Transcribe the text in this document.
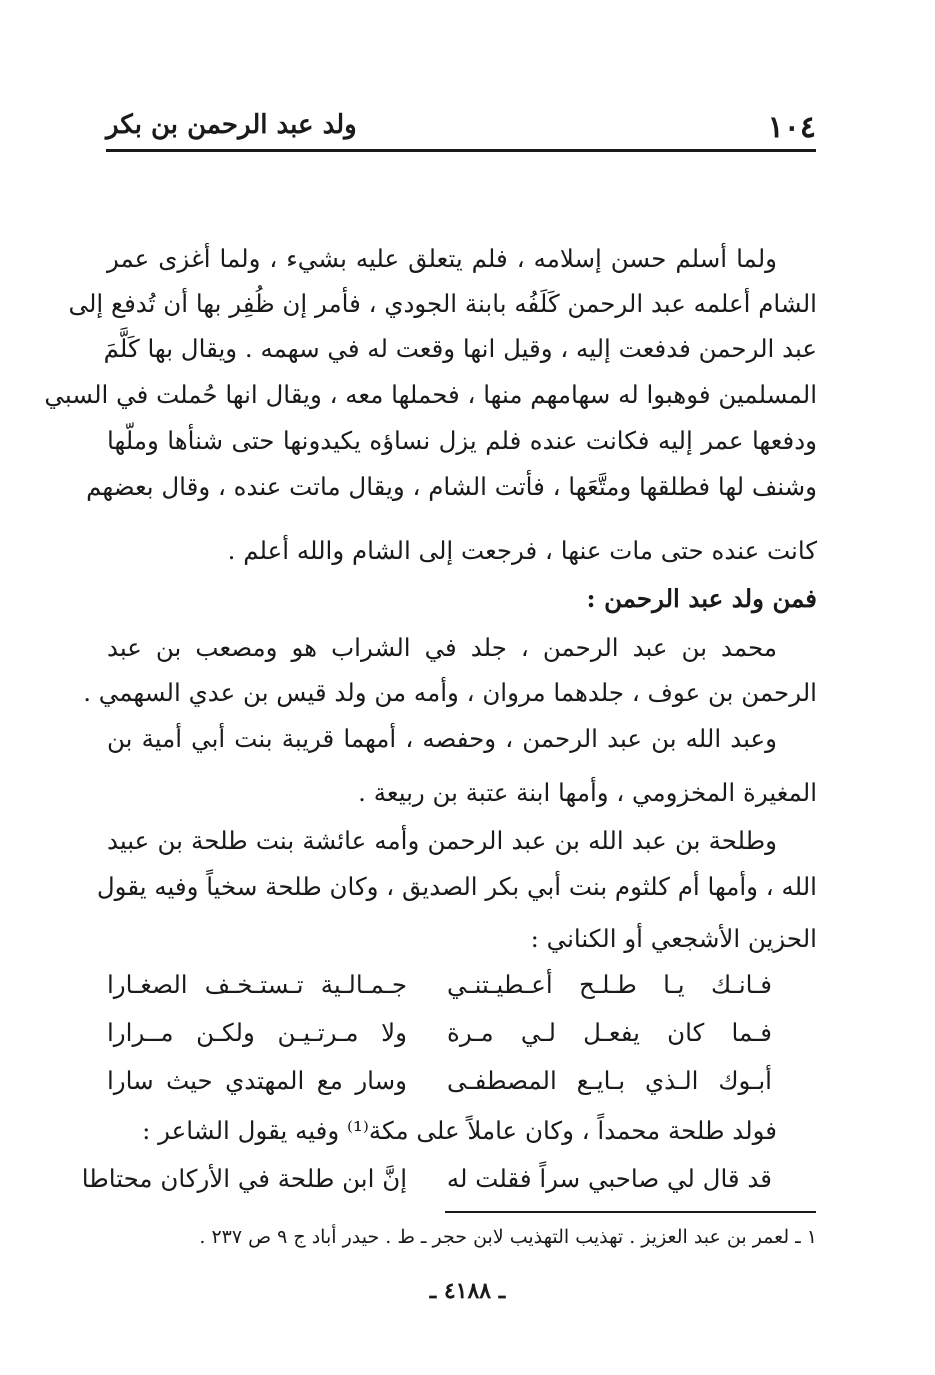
١٠٤
ولد عبد الرحمن بن بكر
ولما أسلم حسن إسلامه ، فلم يتعلق عليه بشيء ، ولما أغزى عمر
الشام أعلمه عبد الرحمن كَلَفُه بابنة الجودي ، فأمر إن ظُفِر بها أن تُدفع إلى
عبد الرحمن فدفعت إليه ، وقيل انها وقعت له في سهمه . ويقال بها كَلَّمَ
المسلمين فوهبوا له سهامهم منها ، فحملها معه ، ويقال انها حُملت في السبي
ودفعها عمر إليه فكانت عنده فلم يزل نساؤه يكيدونها حتى شنأها وملّها
وشنف لها فطلقها ومتَّعَها ، فأتت الشام ، ويقال ماتت عنده ، وقال بعضهم
كانت عنده حتى مات عنها ، فرجعت إلى الشام والله أعلم .
فمن ولد عبد الرحمن :
محمد بن عبد الرحمن ، جلد في الشراب هو ومصعب بن عبد
الرحمن بن عوف ، جلدهما مروان ، وأمه من ولد قيس بن عدي السهمي .
وعبد الله بن عبد الرحمن ، وحفصه ، أمهما قريبة بنت أبي أمية بن
المغيرة المخزومي ، وأمها ابنة عتبة بن ربيعة .
وطلحة بن عبد الله بن عبد الرحمن وأمه عائشة بنت طلحة بن عبيد
الله ، وأمها أم كلثوم بنت أبي بكر الصديق ، وكان طلحة سخياً وفيه يقول
الحزين الأشجعي أو الكناني :
فـانـك يـا طـلـح أعـطيـتنـي
جـمـالـية تـستـخـف الصغـارا
فـما كان يفعـل لـي مـرة
ولا مـرتـيـن ولكـن مــرارا
أبـوك الـذي بـايـع المصطفـى
وسار مع المهتدي حيث سارا
فولد طلحة محمداً ، وكان عاملاً على مكة⁽¹⁾ وفيه يقول الشاعر :
قد قال لي صاحبي سراً فقلت له
إنَّ ابن طلحة في الأركان محتاطا
١ ـ لعمر بن عبد العزيز . تهذيب التهذيب لابن حجر ـ ط . حيدر أباد ج ٩ ص ٢٣٧ .
ـ ٤١٨٨ ـ
